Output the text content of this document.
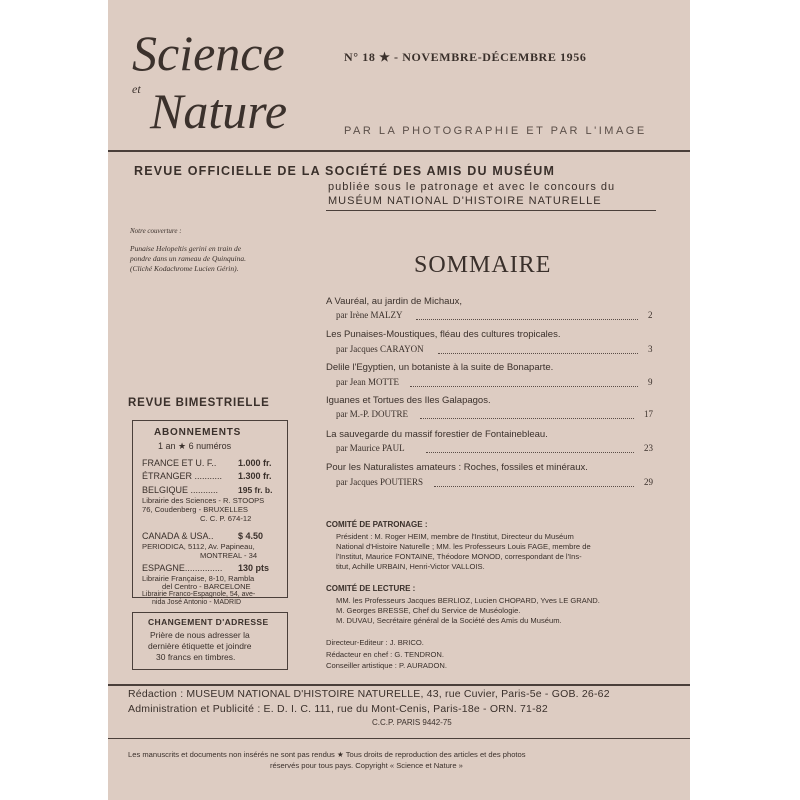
Science
et Nature
N° 18 ★ - NOVEMBRE-DÉCEMBRE 1956
PAR LA PHOTOGRAPHIE ET PAR L'IMAGE
REVUE OFFICIELLE DE LA SOCIÉTÉ DES AMIS DU MUSÉUM
publiée sous le patronage et avec le concours du
MUSÉUM NATIONAL D'HISTOIRE NATURELLE
Notre couverture :
Punaise Helopeltis gerini en train de
pondre dans un rameau de Quinquina.
(Cliché Kodachrome Lucien Gérin).	SOMMAIRE
A Vauréal, au jardin de Michaux,
par Irène MALZY	2
Les Punaises-Moustiques, fléau des cultures tropicales.
par Jacques CARAYON	3
Delile l'Egyptien, un botaniste à la suite de Bonaparte.
par Jean MOTTE	9
Iguanes et Tortues des Iles Galapagos.
par M.-P. DOUTRE	17
La sauvegarde du massif forestier de Fontainebleau.
par Maurice PAUL	23
Pour les Naturalistes amateurs : Roches, fossiles et minéraux.
par Jacques POUTIERS	29
REVUE BIMESTRIELLE
ABONNEMENTS
1 an ★ 6 numéros
FRANCE ET U. F.. 1.000 fr.
ÉTRANGER ........... 1.300 fr.
BELGIQUE ........... 195 fr. b.
Librairie des Sciences - R. STOOPS
76, Coudenberg - BRUXELLES
C. C. P. 674-12
CANADA & USA..	$ 4.50
PERIODICA, 5112, Av. Papineau,
MONTREAL - 34
ESPAGNE............... 130 pts
Librairie Française, 8-10, Rambla
del Centro - BARCELONE
Librairie Franco-Espagnole, 54, ave-
nida José Antonio - MADRID
CHANGEMENT D'ADRESSE
Prière de nous adresser la
dernière étiquette et joindre
30 francs en timbres.
COMITÉ DE PATRONAGE :
Président : M. Roger HEIM, membre de l'Institut, Directeur du Muséum
National d'Histoire Naturelle ; MM. les Professeurs Louis FAGE, membre de
l'Institut, Maurice FONTAINE, Théodore MONOD, correspondant de l'Ins-
titut, Achille URBAIN, Henri-Victor VALLOIS.
COMITÉ DE LECTURE :
MM. les Professeurs Jacques BERLIOZ, Lucien CHOPARD, Yves LE GRAND.
M. Georges BRESSE, Chef du Service de Muséologie.
M. DUVAU, Secrétaire général de la Société des Amis du Muséum.
Directeur-Editeur : J. BRICO.
Rédacteur en chef : G. TENDRON.
Conseiller artistique : P. AURADON.
Rédaction : MUSEUM NATIONAL D'HISTOIRE NATURELLE, 43, rue Cuvier, Paris-5e - GOB. 26-62
Administration et Publicité : E. D. I. C. 111, rue du Mont-Cenis, Paris-18e - ORN. 71-82
C.C.P. PARIS 9442-75
Les manuscrits et documents non insérés ne sont pas rendus ★ Tous droits de reproduction des articles et des photos
réservés pour tous pays. Copyright « Science et Nature »
